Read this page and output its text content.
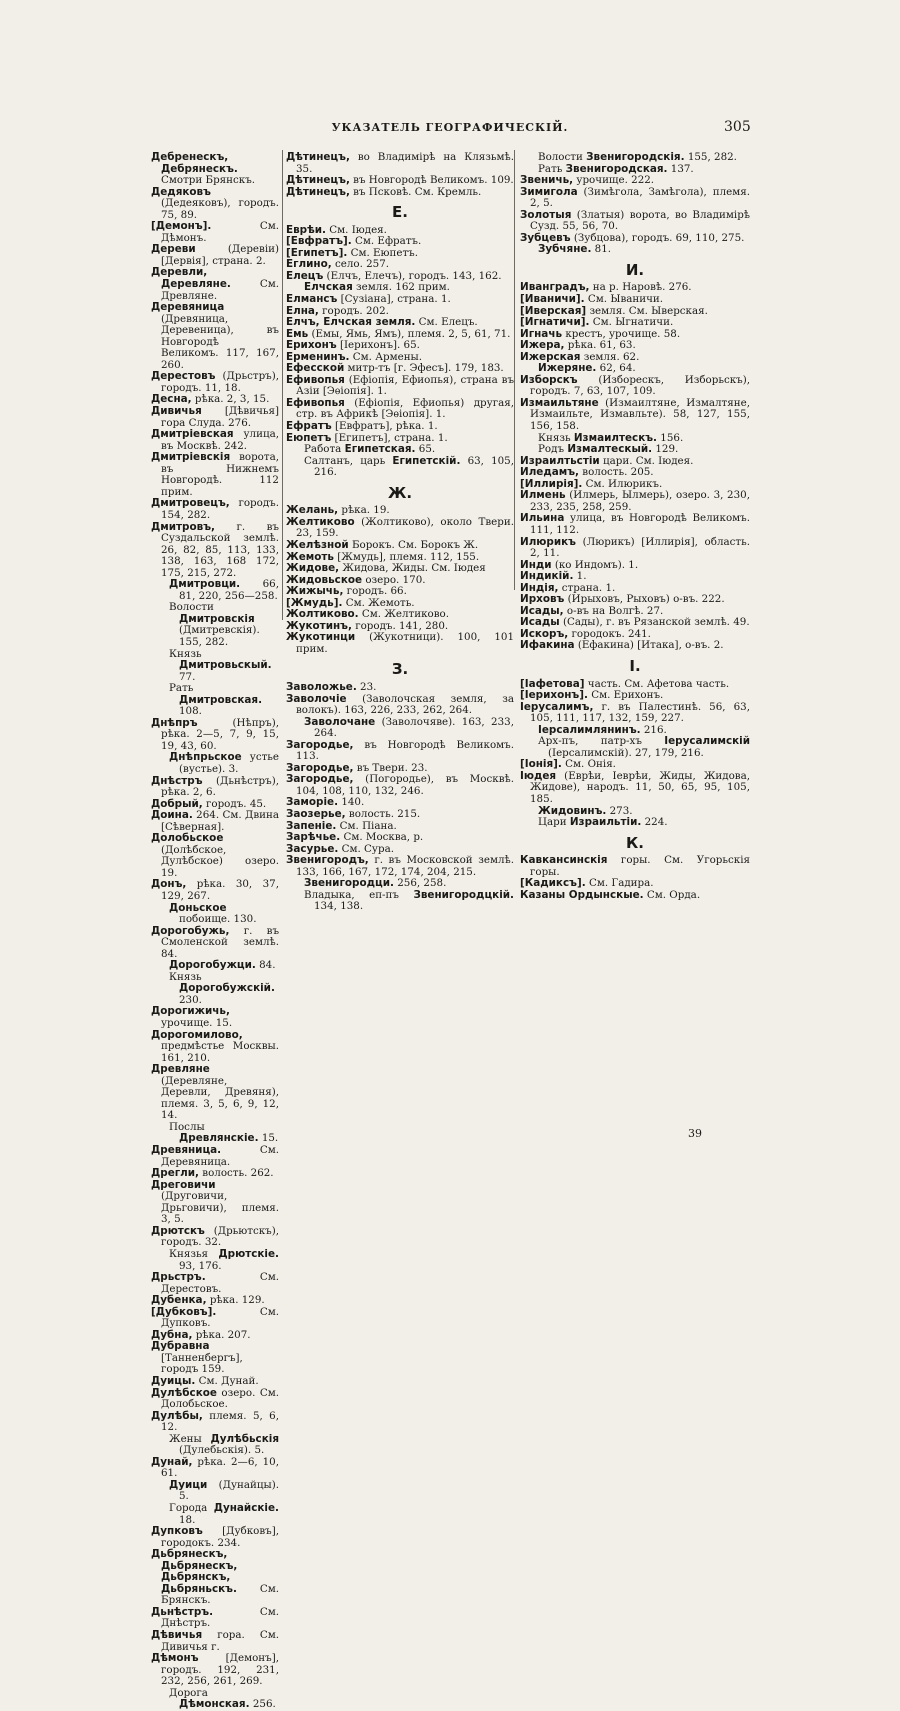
УКАЗАТЕЛЬ ГЕОГРАФИЧЕСКІЙ.	305

Дебренескъ, Дебрянескъ. Смотри Брянскъ.

Дедяковъ (Дедеяковъ), городъ. 75, 89.

[Демонъ].	См. Дѣмонъ.

Дереви	(Деревіи) [Дервія], страна. 2.

Деревли, Деревляне.	См. Древляне.

Деревяница (Древяница, Деревеница), въ Новгородѣ Великомъ. 117, 167, 260.

Дерестовъ (Дрьстръ), городъ. 11, 18.

Десна, рѣка. 2, 3, 15.

Дивичья [Дѣвичья] гора Слуда. 276.

Дмитріевская улица, въ Москвѣ. 242.

Дмитріевскія ворота, въ Нижнемъ Новгородѣ. 112 прим.

Дмитровецъ, городъ. 154, 282.

Дмитровъ, г. въ Суздальской землѣ. 26, 82, 85, 113, 133, 138, 163, 168 172, 175, 215, 272.

Дмитровци. 66, 81, 220, 256—258.

Волости Дмитровскія (Дмитревскія). 155, 282.

Князь Дмитровьскый. 77.

Рать Дмитровская. 108.

Днѣпръ	(Нѣпръ), рѣка. 2—5, 7, 9, 15, 19, 43, 60.

Днѣпрьское устье (вустье). 3.

Днѣстръ (Дьнѣстръ), рѣка. 2, 6.

Добрый, городъ. 45.

Доина. 264. См. Двина [Сѣверная].

Долобьское (Долѣбское, Дулѣбское) озеро. 19.

Донъ, рѣка. 30, 37, 129, 267.

Доньское побоище. 130.

Дорогобужь, г. въ Смоленской землѣ. 84.

Дорогобужци. 84.

Князь Дорогобужскій. 230.

Дорогижичь, урочище. 15.

Дорогомилово, предмѣстье Москвы. 161, 210.

Древляне (Деревляне, Деревли, Древяня), племя. 3, 5, 6, 9, 12, 14.

Послы Древлянскіе. 15.

Древяница.	См. Деревяница.

Дрегли, волость. 262.

Дреговичи (Друговичи, Дрьговичи), племя. 3, 5.

Дрютскъ (Дрьютскъ), городъ. 32.

Князья Дрютскіе. 93, 176.

Дрьстръ.	См. Дерестовъ.

Дубенка, рѣка. 129.

[Дубковъ].	См. Дупковъ.

Дубна, рѣка. 207.

Дубравна [Танненбергъ], городъ 159.

Дуицы. См. Дунай.

Дулѣбское озеро. См. Долобьское.

Дулѣбы, племя. 5, 6, 12.

Жены Дулѣбьскія (Дулебьскія). 5.

Дунай, рѣка. 2—6, 10, 61.

Дуици (Дунайцы). 5.

Города Дунайскіе. 18.

Дупковъ [Дубковъ], городокъ. 234.

Дьбрянескъ, Дьбрянескъ, Дьбрянскъ, Дьбряньскъ. См. Брянскъ.

Дьнѣстръ.	См. Днѣстръ.

Дѣвичья гора. См. Дивичья г.

Дѣмонъ	[Демонъ], городъ. 192, 231, 232, 256, 261, 269.

Дорога Дѣмонская. 256.

Дѣтинецъ, во Владимірѣ на Клязьмѣ. 35.

Дѣтинецъ, въ Новгородѣ Великомъ. 109.

Дѣтинецъ, въ Псковѣ. См. Кремль.

Е.

Еврѣи. См. Іюдея.

[Евфратъ]. См. Ефратъ.

[Египетъ]. См. Еюпетъ.

Еглино, село. 257.

Елецъ (Елчъ, Елечъ), городъ. 143, 162.

Елчская земля. 162 прим.

Елмансъ [Сузіана], страна. 1.

Елна, городъ. 202.

Елчъ, Елчская земля. См. Елецъ.

Емь (Емы, Ямь, Ямъ), племя. 2, 5, 61, 71.

Ерихонъ [Іерихонъ]. 65.

Ерменинъ. См. Армены.

Ефесской митр-тъ [г. Эфесъ]. 179, 183.

Ефивопья (Ефіопія, Ефиопья), страна въ Азіи [Эѳіопія]. 1.

Ефивопья (Ефіопія, Ефиопья) другая, стр. въ Африкѣ [Эѳіопія]. 1.

Ефратъ [Евфратъ], рѣка. 1.

Еюпетъ [Египетъ], страна. 1.

Работа Египетская. 65.

Салтанъ, царь Египетскій. 63, 105, 216.

Ж.

Желань, рѣка. 19.

Желтиково (Жолтиково), около Твери. 23, 159.

Желѣзной Борокъ. См. Борокъ Ж.

Жемоть [Жмудь], племя. 112, 155.

Жидове, Жидова, Жиды. См. Іюдея

Жидовьское озеро. 170.

Жижычь, городъ. 66.

[Жмудь]. См. Жемоть.

Жолтиково. См. Желтиково.

Жукотинъ, городъ. 141, 280.

Жукотинци (Жукотници). 100, 101 прим.

З.

Заволожье. 23.

Заволочіе (Заволочская земля, за волокъ). 163, 226, 233, 262, 264.

Заволочане (Заволочяве). 163, 233, 264.

Загородье, въ Новгородѣ Великомъ. 113.

Загородье, въ Твери. 23.

Загородье, (Погородье), въ Москвѣ. 104, 108, 110, 132, 246.

Заморіе. 140.

Заозерье, волость. 215.

Запеніе. См. Піана.

Зарѣчье. См. Москва, р.

Засурье. См. Сура.

Звенигородъ, г. въ Московской землѣ. 133, 166, 167, 172, 174, 204, 215.

Звенигородци. 256, 258.

Владыка, еп-пъ Звенигородцкій. 134, 138.

Волости Звенигородскія. 155, 282.

Рать Звенигородская. 137.

Звеничь, урочище. 222.

Зимигола (Зимѣгола, Замѣгола), племя. 2, 5.

Золотыя (Златыя) ворота, во Владимірѣ Сузд. 55, 56, 70.

Зубцевъ (Зубцова), городъ. 69, 110, 275.

Зубчяне. 81.

И.

Иванградъ, на р. Наровѣ. 276.

[Иваничи]. См. Ываничи.

[Иверская] земля. См. Ыверская.

[Игнатичи]. См. Ыгнатичи.

Игначь крестъ, урочище. 58.

Ижера, рѣка. 61, 63.

Ижерская земля. 62.

Ижеряне. 62, 64.

Изборскъ (Изборескъ, Изборьскъ), городъ. 7, 63, 107, 109.

Измаильтяне (Измаилтяне, Измалтяне, Измаильте, Измавльте). 58, 127, 155, 156, 158.

Князь Измаилтескъ. 156.

Родъ Измалтескый. 129.

Израилтьстіи цари. См. Іюдея.

Иледамъ, волость. 205.

[Иллирія]. См. Илюрикъ.

Илмень (Илмерь, Ылмерь), озеро. 3, 230, 233, 235, 258, 259.

Ильина улица, въ Новгородѣ Великомъ. 111, 112.

Илюрикъ (Люрикъ) [Иллирія], область. 2, 11.

Инди (ко Индомъ). 1.

Индикій. 1.

Индія, страна. 1.

Ирховъ (Ирыховъ, Рыховъ) о-въ. 222.

Исады, о-въ на Волгѣ. 27.

Исады (Сады), г. въ Рязанской землѣ. 49.

Искоръ, городокъ. 241.

Ифакина (Ефакина) [Итака], о-въ. 2.

І.

[Іафетова] часть. См. Афетова часть.

[Іерихонъ]. См. Ерихонъ.

Іерусалимъ, г. въ Палестинѣ. 56, 63, 105, 111, 117, 132, 159, 227.

Іерсалимлянинъ. 216.

Арх-пъ, патр-хъ Іерусалимскій (Іерсалимскій). 27, 179, 216.

[Іонія]. См. Онія.

Іюдея (Еврѣи, Іеврѣи, Жиды, Жидова, Жидове), народъ. 11, 50, 65, 95, 105, 185.

Жидовинъ. 273.

Цари Израильтіи. 224.

К.

Кавкансинскія горы. См. Угорьскія горы.

[Кадиксъ]. См. Гадира.

Казаны Ордынскые. См. Орда.

39
